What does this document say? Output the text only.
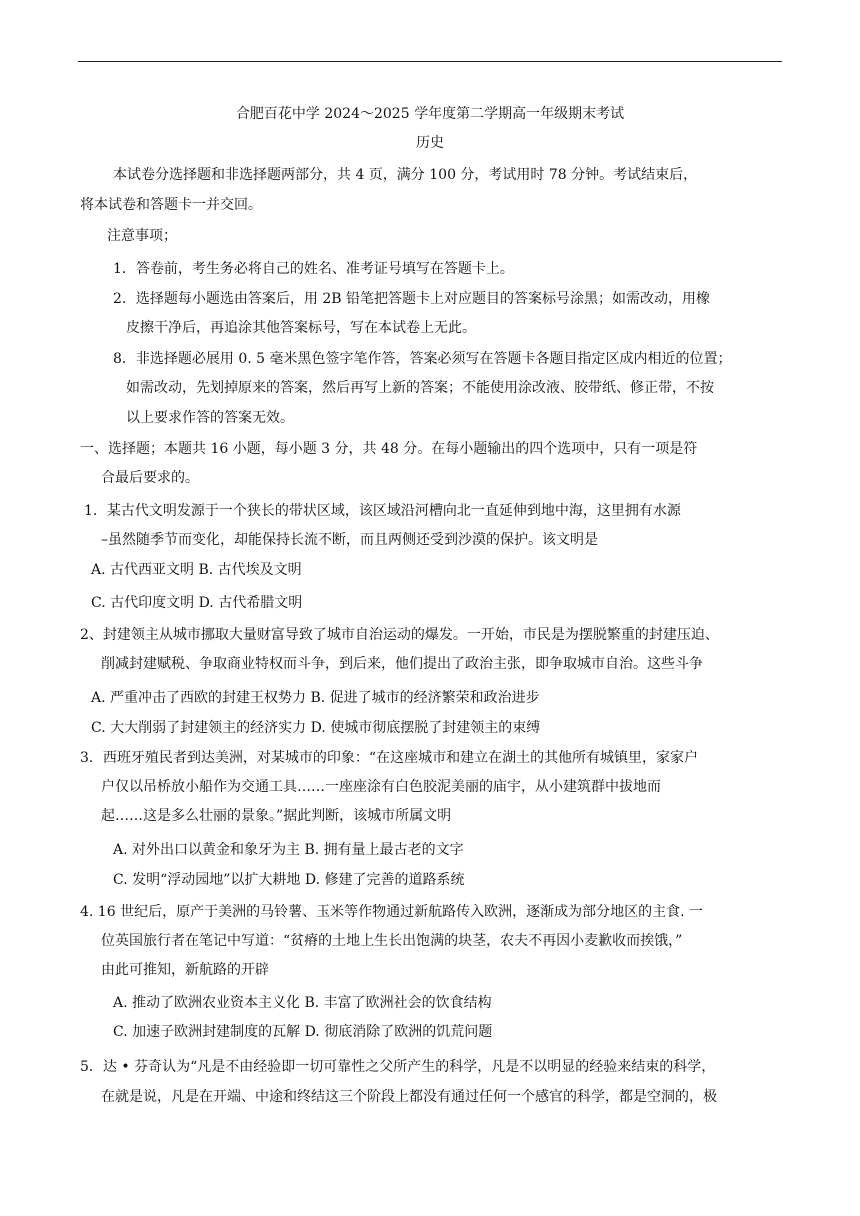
合肥百花中学 2024～2025 学年度第二学期高一年级期末考试
历史
本试卷分选择题和非选择题两部分，共 4 页，满分 100 分，考试用时 78 分钟。考试结束后，
将本试卷和答题卡一并交回。
注意事项；
1．答卷前，考生务必将自己的姓名、准考证号填写在答题卡上。
2．选择题每小题选由答案后，用 2B 铅笔把答题卡上对应题目的答案标号涂黑；如需改动，用橡
皮擦干净后，再追涂其他答案标号，写在本试卷上无此。
8．非选择题必展用 0. 5 毫米黑色签字笔作答，答案必须写在答题卡各题目指定区成内相近的位置；
如需改动，先划掉原来的答案，然后再写上新的答案；不能使用涂改液、胶带纸、修正带，不按
以上要求作答的答案无效。
一、选择题；本题共 16 小题，每小题 3 分，共 48 分。在每小题输出的四个选项中，只有一项是符
合最后要求的。
1．某古代文明发源于一个狭长的带状区域，该区域沿河槽向北一直延伸到地中海，这里拥有水源
–虽然随季节而变化，却能保持长流不断，而且两侧还受到沙漠的保护。该文明是
A. 古代西亚文明 B. 古代埃及文明
C. 古代印度文明 D. 古代希腊文明
2、封建领主从城市挪取大量财富导致了城市自治运动的爆发。一开始，市民是为摆脱繁重的封建压迫、
削减封建赋税、争取商业特权而斗争，到后来，他们提出了政治主张，即争取城市自治。这些斗争
A. 严重冲击了西欧的封建王权势力 B. 促进了城市的经济繁荣和政治进步
C. 大大削弱了封建领主的经济实力 D. 使城市彻底摆脱了封建领主的束缚
3．西班牙殖民者到达美洲，对某城市的印象：“在这座城市和建立在湖土的其他所有城镇里，家家户
户仅以吊桥放小船作为交通工具……一座座涂有白色胶泥美丽的庙宇，从小建筑群中拔地而
起……这是多么壮丽的景象。”据此判断，该城市所属文明
A. 对外出口以黄金和象牙为主 B. 拥有量上最古老的文字
C. 发明“浮动园地”以扩大耕地 D. 修建了完善的道路系统
4. 16 世纪后，原产于美洲的马铃薯、玉米等作物通过新航路传入欧洲，逐渐成为部分地区的主食. 一
位英国旅行者在笔记中写道：“贫瘠的土地上生长出饱满的块茎，农夫不再因小麦歉收而挨饿，”
由此可推知，新航路的开辟
A. 推动了欧洲农业资本主义化 B. 丰富了欧洲社会的饮食结构
C. 加速子欧洲封建制度的瓦解 D. 彻底消除了欧洲的饥荒问题
5．达 • 芬奇认为“凡是不由经验即一切可靠性之父所产生的科学，凡是不以明显的经验来结束的科学，
在就是说，凡是在开端、中途和终结这三个阶段上都没有通过任何一个感官的科学，都是空洞的，极
